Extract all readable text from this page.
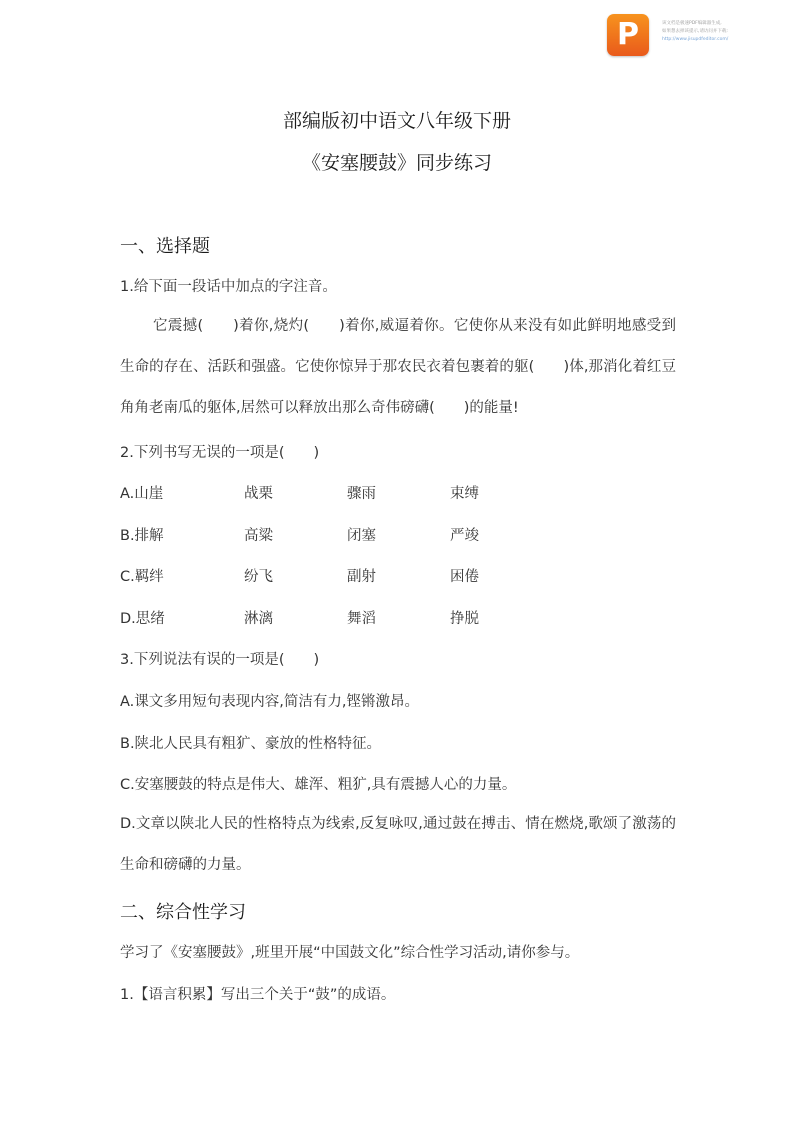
P	该文档是极速PDF编辑器生成,
如果想去掉该提示,请访问并下载:
http://www.jisupdfeditor.com/
部编版初中语文八年级下册
《安塞腰鼓》同步练习
一、选择题
1.给下面一段话中加点的字注音。

它震撼(　　)着你,烧灼(　　)着你,威逼着你。它使你从来没有如此鲜明地感受到生命的存在、活跃和强盛。它使你惊异于那农民衣着包裹着的躯(　　)体,那消化着红豆角角老南瓜的躯体,居然可以释放出那么奇伟磅礴(　　)的能量!

2.下列书写无误的一项是(　　)
A.山崖	战栗	骤雨	束缚
B.排解	高粱	闭塞	严竣
C.羁绊	纷飞	副射	困倦
D.思绪	淋漓	舞滔	挣脱
3.下列说法有误的一项是(　　)
A.课文多用短句表现内容,简洁有力,铿锵激昂。
B.陕北人民具有粗犷、豪放的性格特征。
C.安塞腰鼓的特点是伟大、雄浑、粗犷,具有震撼人心的力量。

D.文章以陕北人民的性格特点为线索,反复咏叹,通过鼓在搏击、情在燃烧,歌颂了激荡的生命和磅礴的力量。

二、综合性学习
学习了《安塞腰鼓》,班里开展“中国鼓文化”综合性学习活动,请你参与。
1.【语言积累】写出三个关于“鼓”的成语。
